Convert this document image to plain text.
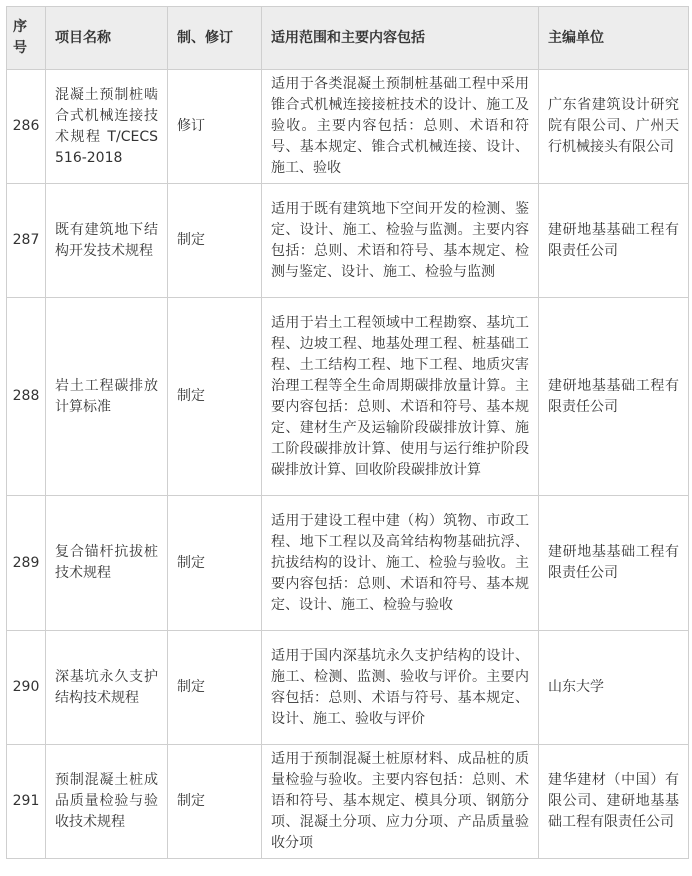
序号	项目名称	制、修订	适用范围和主要内容包括	主编单位
286	混凝土预制桩啮合式机械连接技术规程 T/CECS 516-2018	修订	适用于各类混凝土预制桩基础工程中采用锥合式机械连接接桩技术的设计、施工及验收。主要内容包括：总则、术语和符号、基本规定、锥合式机械连接、设计、施工、验收	广东省建筑设计研究院有限公司、广州天行机械接头有限公司
287	既有建筑地下结构开发技术规程	制定	适用于既有建筑地下空间开发的检测、鉴定、设计、施工、检验与监测。主要内容包括：总则、术语和符号、基本规定、检测与鉴定、设计、施工、检验与监测	建研地基基础工程有限责任公司
288	岩土工程碳排放计算标准	制定	适用于岩土工程领域中工程勘察、基坑工程、边坡工程、地基处理工程、桩基础工程、土工结构工程、地下工程、地质灾害治理工程等全生命周期碳排放量计算。主要内容包括：总则、术语和符号、基本规定、建材生产及运输阶段碳排放计算、施工阶段碳排放计算、使用与运行维护阶段碳排放计算、回收阶段碳排放计算	建研地基基础工程有限责任公司
289	复合锚杆抗拔桩技术规程	制定	适用于建设工程中建（构）筑物、市政工程、地下工程以及高耸结构物基础抗浮、抗拔结构的设计、施工、检验与验收。主要内容包括：总则、术语和符号、基本规定、设计、施工、检验与验收	建研地基基础工程有限责任公司
290	深基坑永久支护结构技术规程	制定	适用于国内深基坑永久支护结构的设计、施工、检测、监测、验收与评价。主要内容包括：总则、术语与符号、基本规定、设计、施工、验收与评价	山东大学
291	预制混凝土桩成品质量检验与验收技术规程	制定	适用于预制混凝土桩原材料、成品桩的质量检验与验收。主要内容包括：总则、术语和符号、基本规定、模具分项、钢筋分项、混凝土分项、应力分项、产品质量验收分项	建华建材（中国）有限公司、建研地基基础工程有限责任公司
